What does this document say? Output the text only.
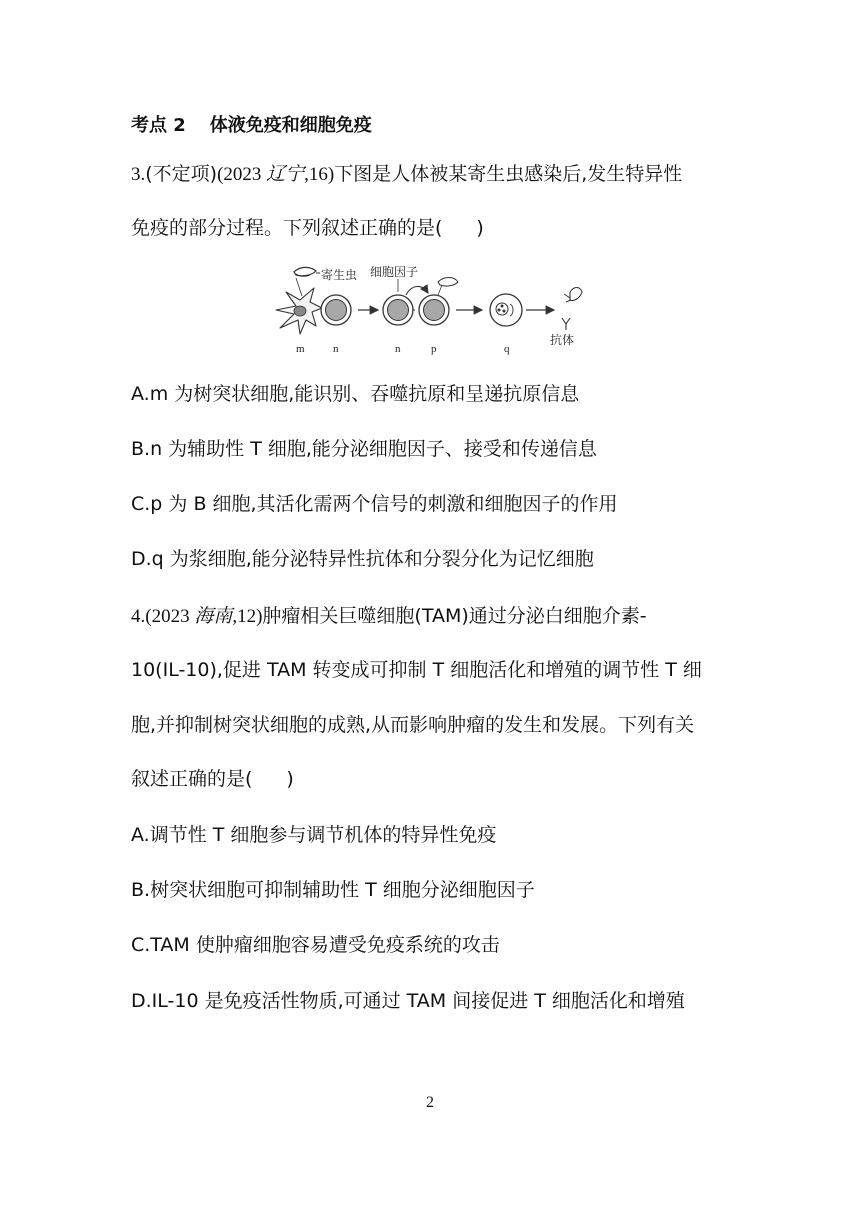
考点 2 体液免疫和细胞免疫
3.(不定项)(2023 辽宁,16)下图是人体被某寄生虫感染后,发生特异性
免疫的部分过程。下列叙述正确的是( )
寄生虫 细胞因子
抗体
m	n	n	p	q
A.m 为树突状细胞,能识别、吞噬抗原和呈递抗原信息
B.n 为辅助性 T 细胞,能分泌细胞因子、接受和传递信息
C.p 为 B 细胞,其活化需两个信号的刺激和细胞因子的作用
D.q 为浆细胞,能分泌特异性抗体和分裂分化为记忆细胞
4.(2023 海南,12)肿瘤相关巨噬细胞(TAM)通过分泌白细胞介素-
10(IL-10),促进 TAM 转变成可抑制 T 细胞活化和增殖的调节性 T 细
胞,并抑制树突状细胞的成熟,从而影响肿瘤的发生和发展。下列有关
叙述正确的是( )
A.调节性 T 细胞参与调节机体的特异性免疫
B.树突状细胞可抑制辅助性 T 细胞分泌细胞因子
C.TAM 使肿瘤细胞容易遭受免疫系统的攻击
D.IL-10 是免疫活性物质,可通过 TAM 间接促进 T 细胞活化和增殖
2
